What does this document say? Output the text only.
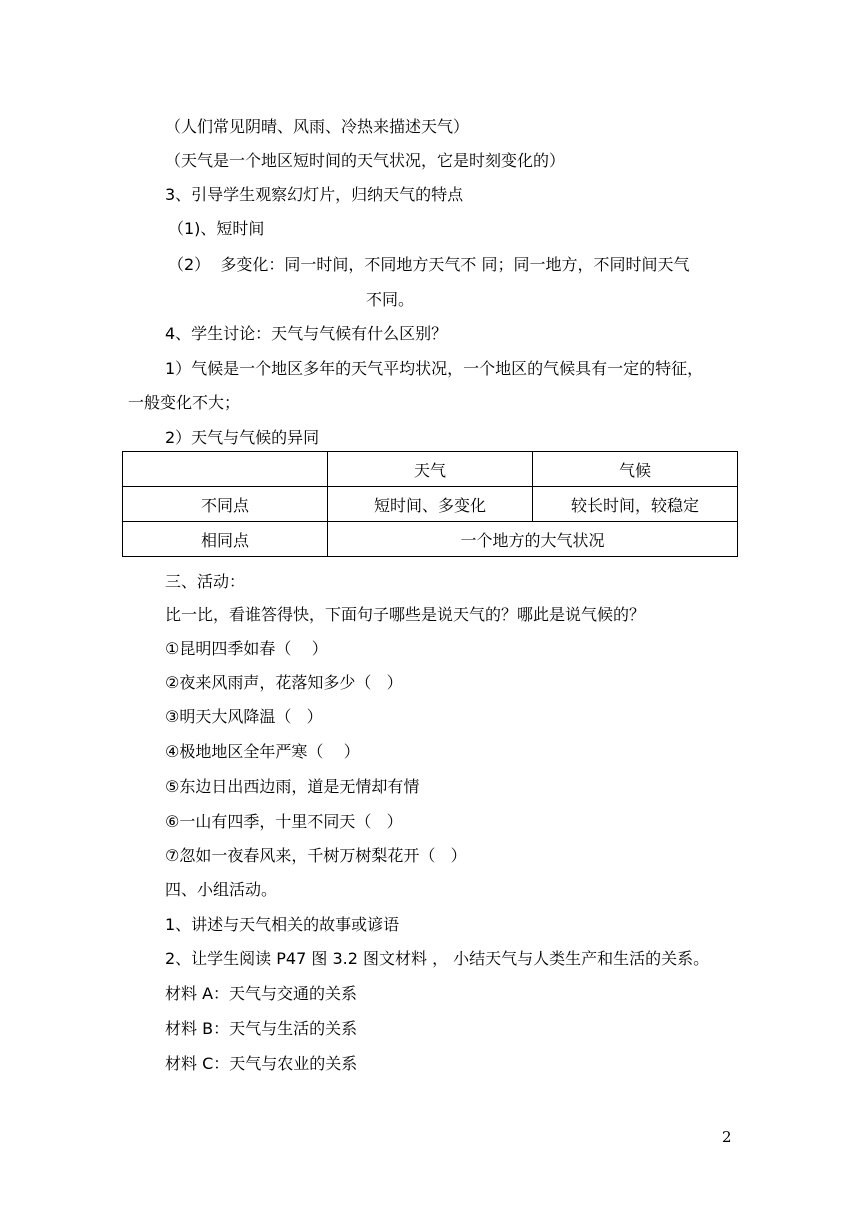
（人们常见阴晴、风雨、冷热来描述天气）
（天气是一个地区短时间的天气状况，它是时刻变化的）
3、引导学生观察幻灯片，归纳天气的特点
（1)、短时间
（2）  多变化：同一时间，不同地方天气不 同；同一地方，不同时间天气
不同。
4、学生讨论：天气与气候有什么区别？
1）气候是一个地区多年的天气平均状况，一个地区的气候具有一定的特征，
一般变化不大；
2）天气与气候的异同
	天气	气候
不同点	短时间、多变化	较长时间，较稳定
相同点	一个地方的大气状况	
三、活动：
比一比，看谁答得快，下面句子哪些是说天气的？哪此是说气候的？
①昆明四季如春（    ）
②夜来风雨声，花落知多少（   ）
③明天大风降温（   ）
④极地地区全年严寒（    ）
⑤东边日出西边雨，道是无情却有情
⑥一山有四季，十里不同天（   ）
⑦忽如一夜春风来，千树万树梨花开（   ）
四、小组活动。
1、讲述与天气相关的故事或谚语
2、让学生阅读 P47 图 3.2 图文材料 ， 小结天气与人类生产和生活的关系。
材料 A：天气与交通的关系
材料 B：天气与生活的关系
材料 C：天气与农业的关系
2
